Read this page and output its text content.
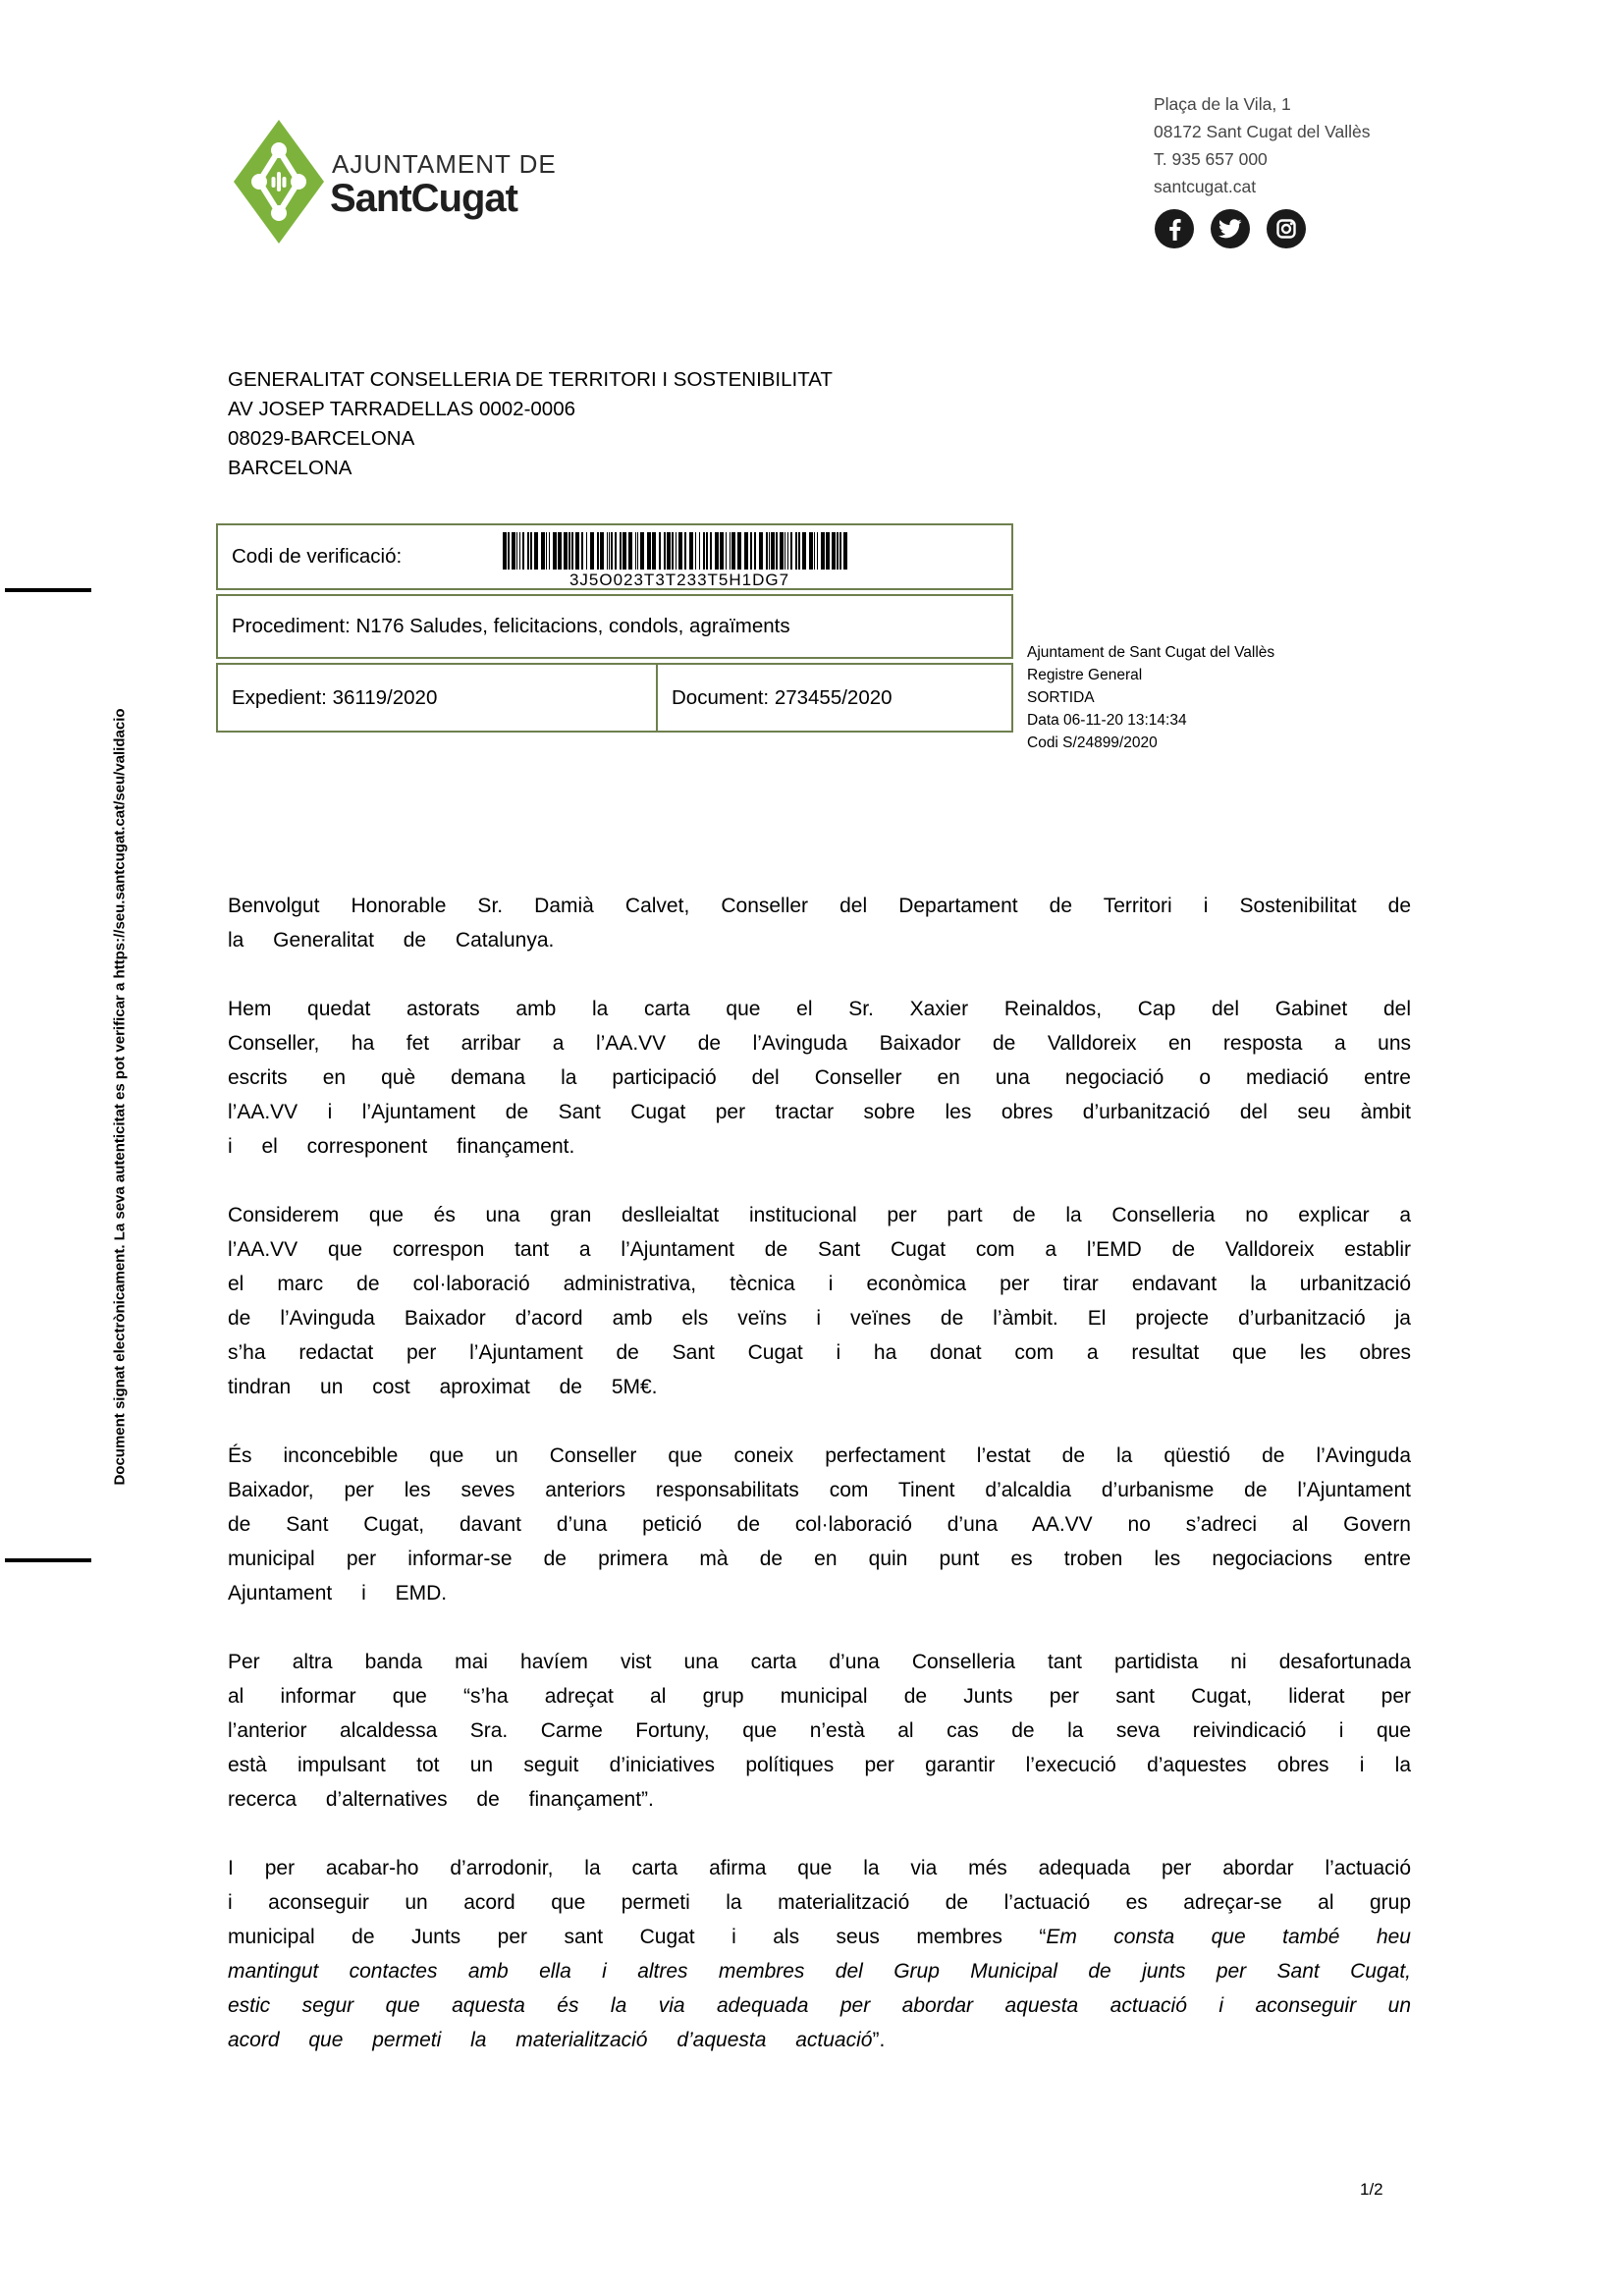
Document signat electrònicament. La seva autenticitat es pot verificar a https://seu.santcugat.cat/seu/validacio
AJUNTAMENT DE
SantCugat
Plaça de la Vila, 1
08172 Sant Cugat del Vallès
T. 935 657 000
santcugat.cat
GENERALITAT CONSELLERIA DE TERRITORI I SOSTENIBILITAT
AV JOSEP TARRADELLAS 0002-0006
08029-BARCELONA
BARCELONA
Codi de verificació:
3J5O023T3T233T5H1DG7
Procediment: N176 Saludes, felicitacions, condols, agraïments
Expedient: 36119/2020	Document: 273455/2020
Ajuntament de Sant Cugat del Vallès
Registre General
SORTIDA
Data 06-11-20 13:14:34
Codi S/24899/2020

Benvolgut Honorable Sr. Damià Calvet, Conseller del Departament de Territori i Sostenibilitat de la Generalitat de Catalunya.

Hem quedat astorats amb la carta que el Sr. Xaxier Reinaldos, Cap del Gabinet del Conseller, ha fet arribar a l’AA.VV de l’Avinguda Baixador de Valldoreix en resposta a uns escrits en què demana la participació del Conseller en una negociació o mediació entre l’AA.VV i l’Ajuntament de Sant Cugat per tractar sobre les obres d’urbanització del seu àmbit i el corresponent finançament.

Considerem que és una gran deslleialtat institucional per part de la Conselleria no explicar a l’AA.VV que correspon tant a l’Ajuntament de Sant Cugat com a l’EMD de Valldoreix establir el marc de col·laboració administrativa, tècnica i econòmica per tirar endavant la urbanització de l’Avinguda Baixador d’acord amb els veïns i veïnes de l’àmbit. El projecte d’urbanització ja s’ha redactat per l’Ajuntament de Sant Cugat i ha donat com a resultat que les obres tindran un cost aproximat de 5M€.

És inconcebible que un Conseller que coneix perfectament l’estat de la qüestió de l’Avinguda Baixador, per les seves anteriors responsabilitats com Tinent d’alcaldia d’urbanisme de l’Ajuntament de Sant Cugat, davant d’una petició de col·laboració d’una AA.VV no s’adreci al Govern municipal per informar-se de primera mà de en quin punt es troben les negociacions entre Ajuntament i EMD.

Per altra banda mai havíem vist una carta d’una Conselleria tant partidista ni desafortunada al informar que “s’ha adreçat al grup municipal de Junts per sant Cugat, liderat per l’anterior alcaldessa Sra. Carme Fortuny, que n’està al cas de la seva reivindicació i que està impulsant tot un seguit d’iniciatives polítiques per garantir l’execució d’aquestes obres i la recerca d’alternatives de finançament”.

I per acabar-ho d’arrodonir, la carta afirma que la via més adequada per abordar l’actuació i aconseguir un acord que permeti la materialització de l’actuació es adreçar-se al grup municipal de Junts per sant Cugat i als seus membres “Em consta que també heu mantingut contactes amb ella i altres membres del Grup Municipal de junts per Sant Cugat, estic segur que aquesta és la via adequada per abordar aquesta actuació i aconseguir un acord que permeti la materialització d’aquesta actuació”.

1/2
